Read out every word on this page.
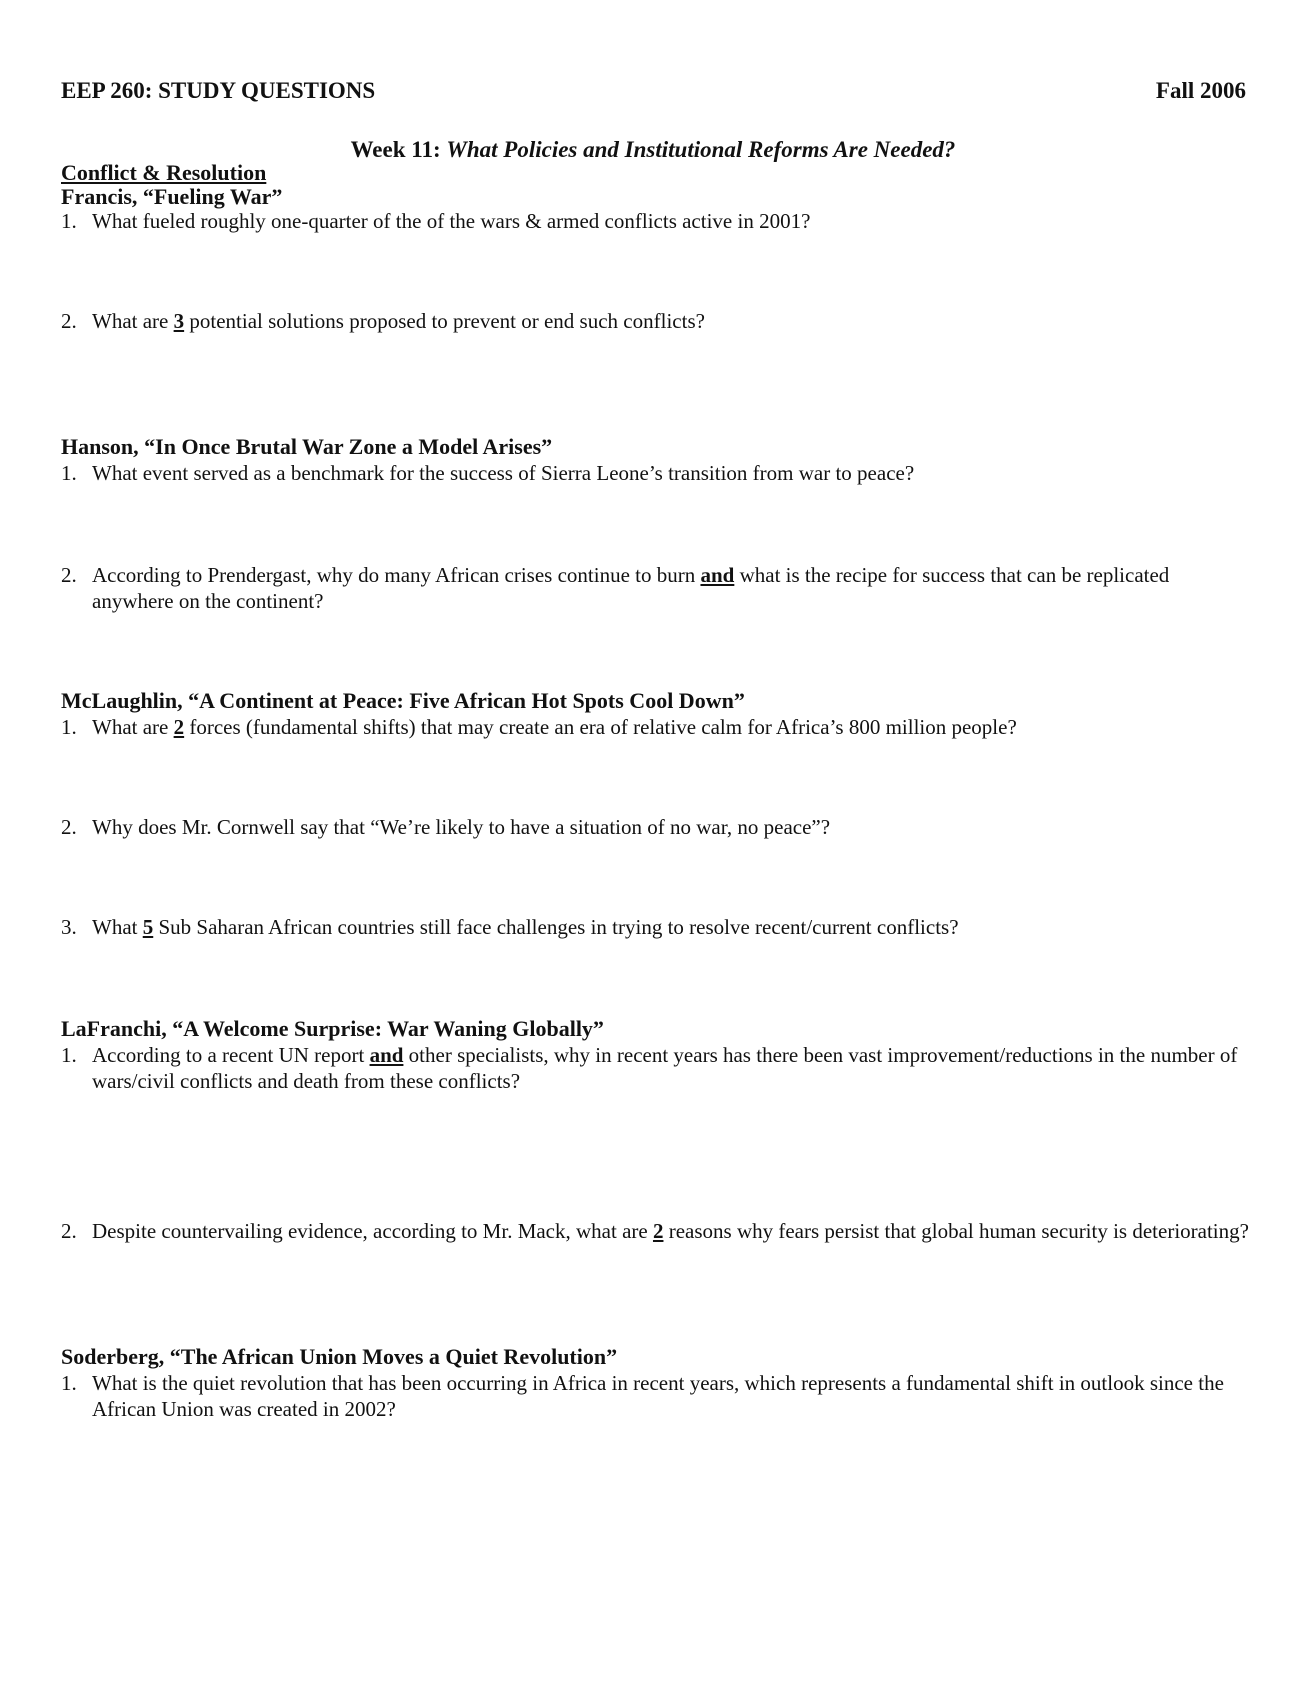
EEP 260: STUDY QUESTIONS	Fall 2006
Week 11: What Policies and Institutional Reforms Are Needed?
Conflict & Resolution
Francis, “Fueling War”
1. What fueled roughly one-quarter of the of the wars & armed conflicts active in 2001?
2. What are 3 potential solutions proposed to prevent or end such conflicts?
Hanson, “In Once Brutal War Zone a Model Arises”
1. What event served as a benchmark for the success of Sierra Leone’s transition from war to peace?
2. According to Prendergast, why do many African crises continue to burn and what is the recipe for success that can be replicated anywhere on the continent?
McLaughlin, “A Continent at Peace: Five African Hot Spots Cool Down”
1. What are 2 forces (fundamental shifts) that may create an era of relative calm for Africa’s 800 million people?
2. Why does Mr. Cornwell say that “We’re likely to have a situation of no war, no peace”?
3. What 5 Sub Saharan African countries still face challenges in trying to resolve recent/current conflicts?
LaFranchi, “A Welcome Surprise: War Waning Globally”
1. According to a recent UN report and other specialists, why in recent years has there been vast improvement/reductions in the number of wars/civil conflicts and death from these conflicts?
2. Despite countervailing evidence, according to Mr. Mack, what are 2 reasons why fears persist that global human security is deteriorating?
Soderberg, “The African Union Moves a Quiet Revolution”
1. What is the quiet revolution that has been occurring in Africa in recent years, which represents a fundamental shift in outlook since the African Union was created in 2002?
